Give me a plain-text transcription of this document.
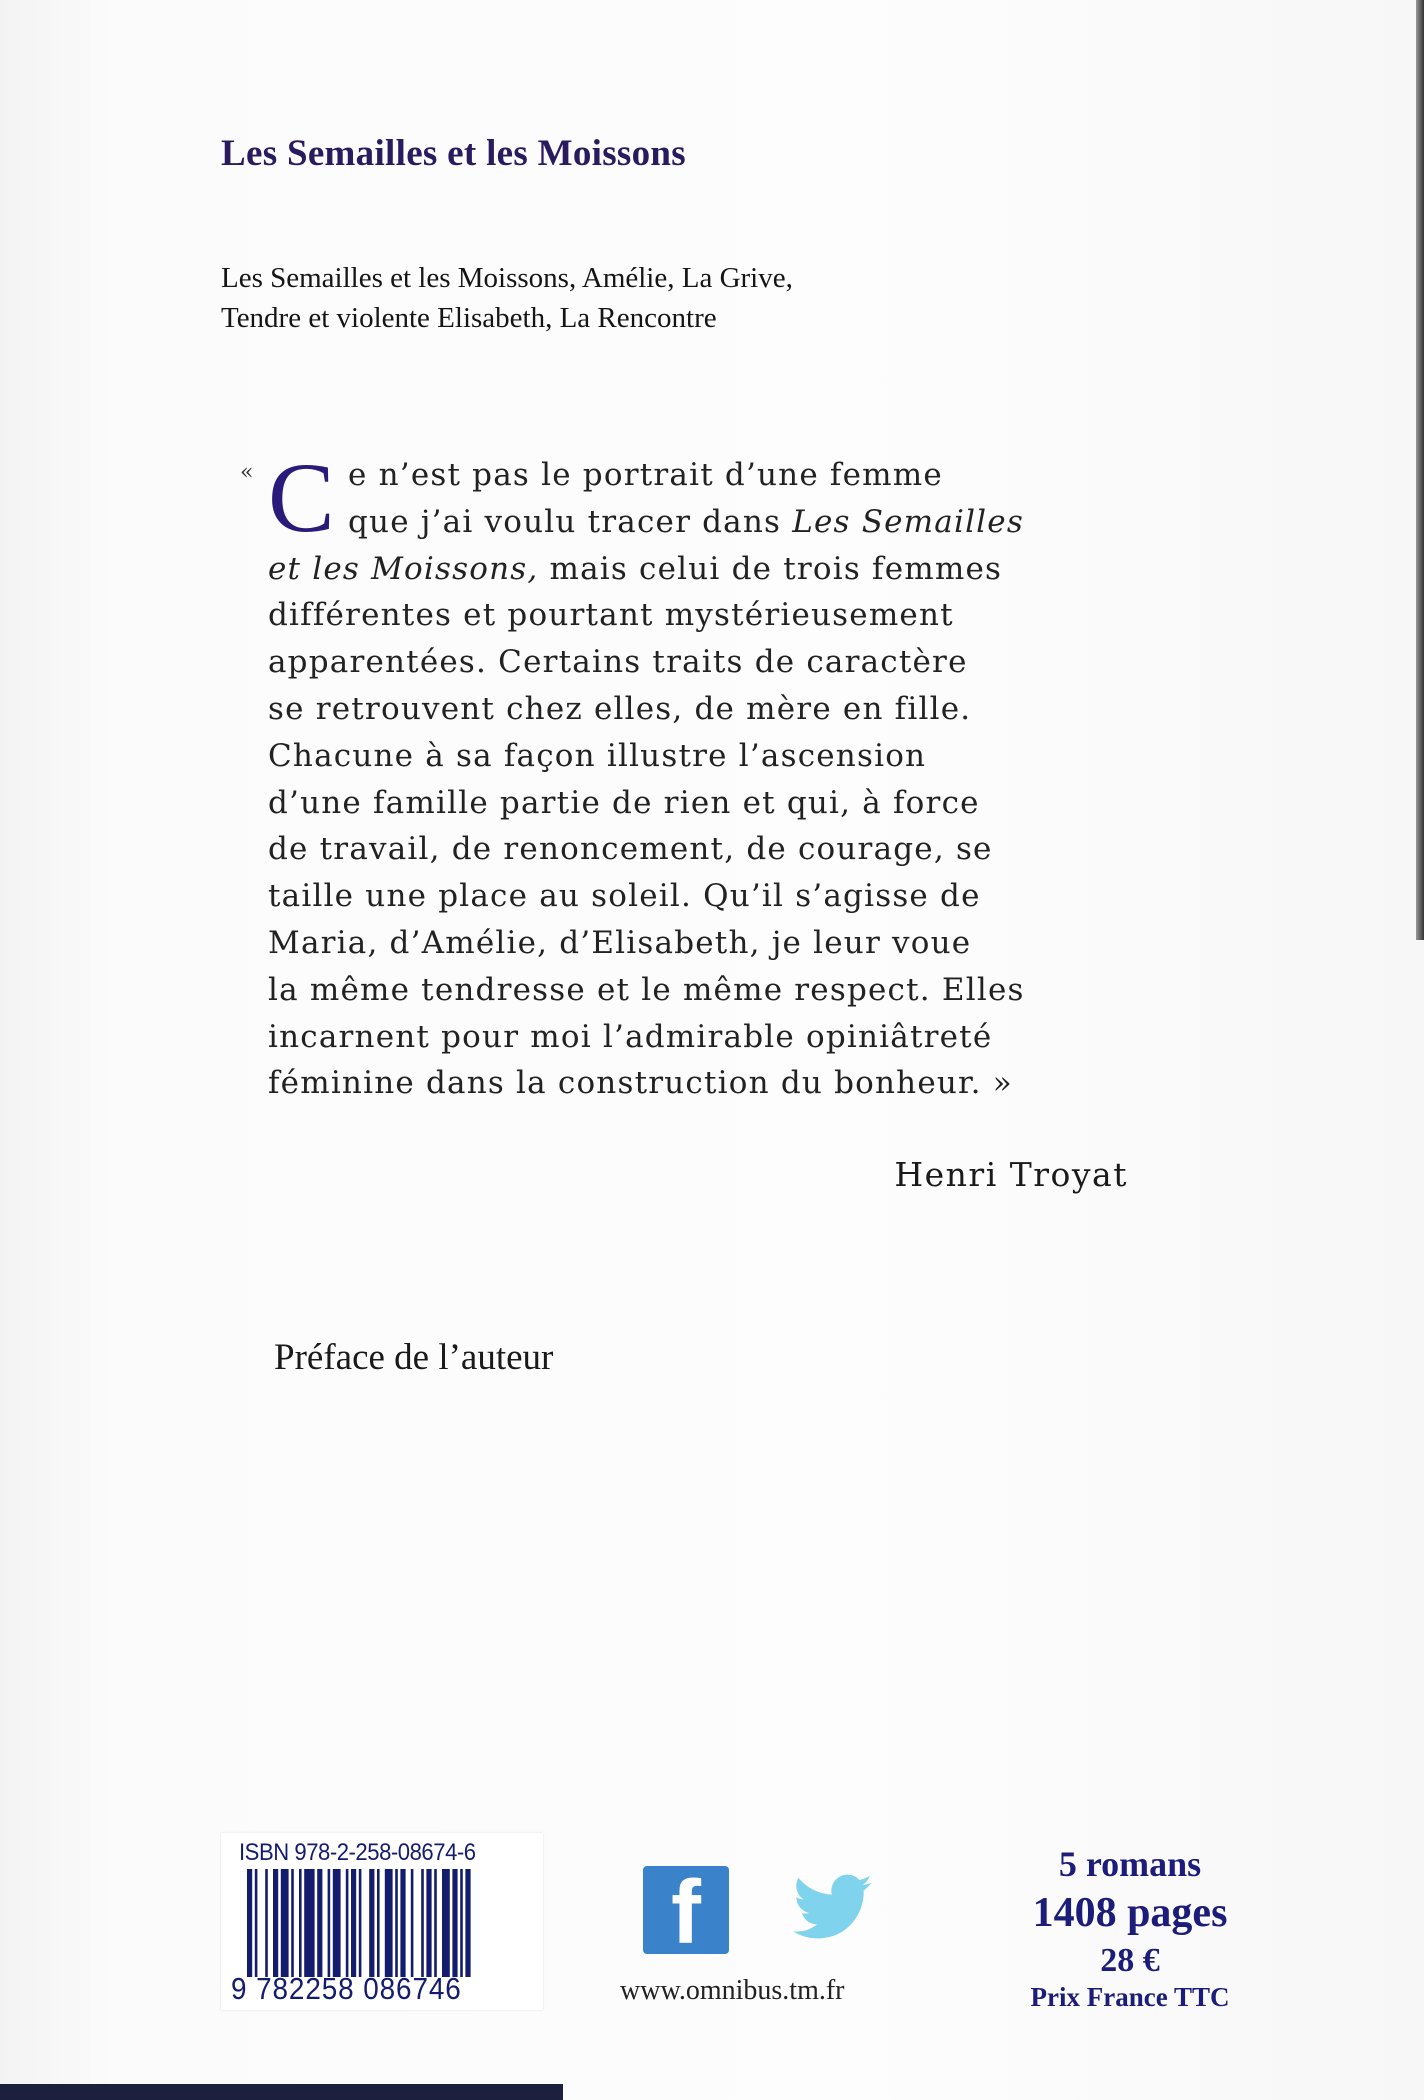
Les Semailles et les Moissons
Les Semailles et les Moissons, Amélie, La Grive,
Tendre et violente Elisabeth, La Rencontre
« C e n’est pas le portrait d’une femme
que j’ai voulu tracer dans Les Semailles
et les Moissons, mais celui de trois femmes
différentes et pourtant mystérieusement
apparentées. Certains traits de caractère
se retrouvent chez elles, de mère en fille.
Chacune à sa façon illustre l’ascension
d’une famille partie de rien et qui, à force
de travail, de renoncement, de courage, se
taille une place au soleil. Qu’il s’agisse de
Maria, d’Amélie, d’Elisabeth, je leur voue
la même tendresse et le même respect. Elles
incarnent pour moi l’admirable opiniâtreté
féminine dans la construction du bonheur. »
Henri Troyat
Préface de l’auteur
ISBN 978-2-258-08674-6
9 782258 086746
f
www.omnibus.tm.fr
5 romans
1408 pages
28 €
Prix France TTC
